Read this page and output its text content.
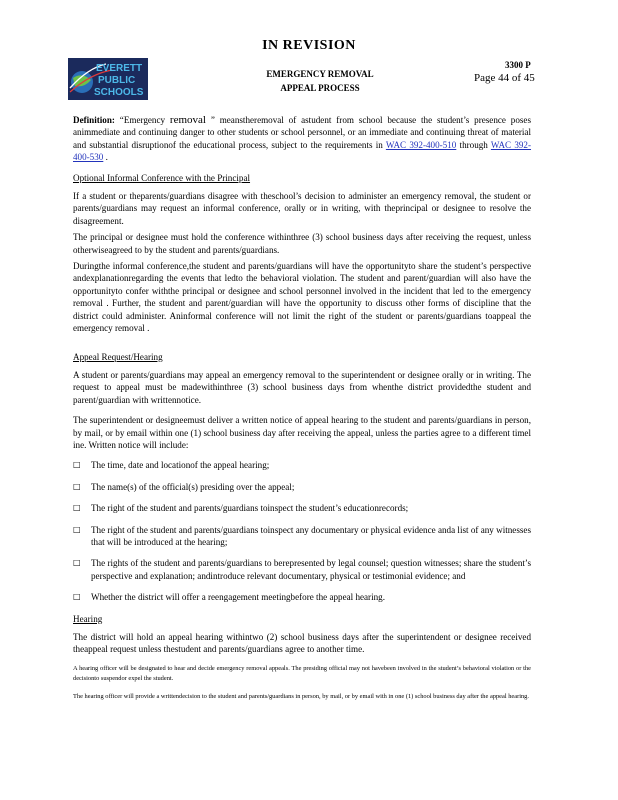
IN REVISION
EVERETT
PUBLIC
SCHOOLS
EMERGENCY REMOVAL
APPEAL PROCESS
3300 P
Page 44 of 45

Definition: “Emergency removal ” meanstheremoval of astudent from school because the student’s presence poses animmediate and continuing danger to other students or school personnel, or an immediate and continuing threat of material and substantial disruptionof the educational process, subject to the requirements in WAC 392-400-510 through WAC 392-400-530 .

Optional Informal Conference with the Principal

If a student or theparents/guardians disagree with theschool’s decision to administer an emergency removal, the student or parents/guardians may request an informal conference, orally or in writing, with theprincipal or designee to resolve the disagreement.

The principal or designee must hold the conference withinthree (3) school business days after receiving the request, unless otherwiseagreed to by the student and parents/guardians.

Duringthe informal conference,the student and parents/guardians will have the opportunityto share the student’s perspective andexplanationregarding the events that ledto the behavioral violation. The student and parent/guardian will also have the opportunityto confer withthe principal or designee and school personnel involved in the incident that led to the emergency removal . Further, the student and parent/guardian will have the opportunity to discuss other forms of discipline that the district could administer. Aninformal conference will not limit the right of the student or parents/guardians toappeal the emergency removal .

Appeal Request/Hearing

A student or parents/guardians may appeal an emergency removal to the superintendent or designee orally or in writing. The request to appeal must be madewithinthree (3) school business days from whenthe district providedthe student and parent/guardian with writtennotice.

The superintendent or designeemust deliver a written notice of appeal hearing to the student and parents/guardians in person, by mail, or by email within one (1) school business day after receiving the appeal, unless the parties agree to a different timel ine. Written notice will include:

□ The time, date and locationof the appeal hearing;
□ The name(s) of the official(s) presiding over the appeal;
□ The right of the student and parents/guardians toinspect the student’s educationrecords;
□ The right of the student and parents/guardians toinspect any documentary or physical evidence anda list of any witnesses that will be introduced at the hearing;
□ The rights of the student and parents/guardians to berepresented by legal counsel; question witnesses; share the student’s perspective and explanation; andintroduce relevant documentary, physical or testimonial evidence; and
□ Whether the district will offer a reengagement meetingbefore the appeal hearing.

Hearing

The district will hold an appeal hearing withintwo (2) school business days after the superintendent or designee received theappeal request unless thestudent and parents/guardians agree to another time.

A hearing officer will be designated to hear and decide emergency removal appeals. The presiding official may not havebeen involved in the student’s behavioral violation or the decisionto suspendor expel the student.

The hearing officer will provide a writtendecision to the student and parents/guardians in person, by mail, or by email with in one (1) school business day after the appeal hearing.
